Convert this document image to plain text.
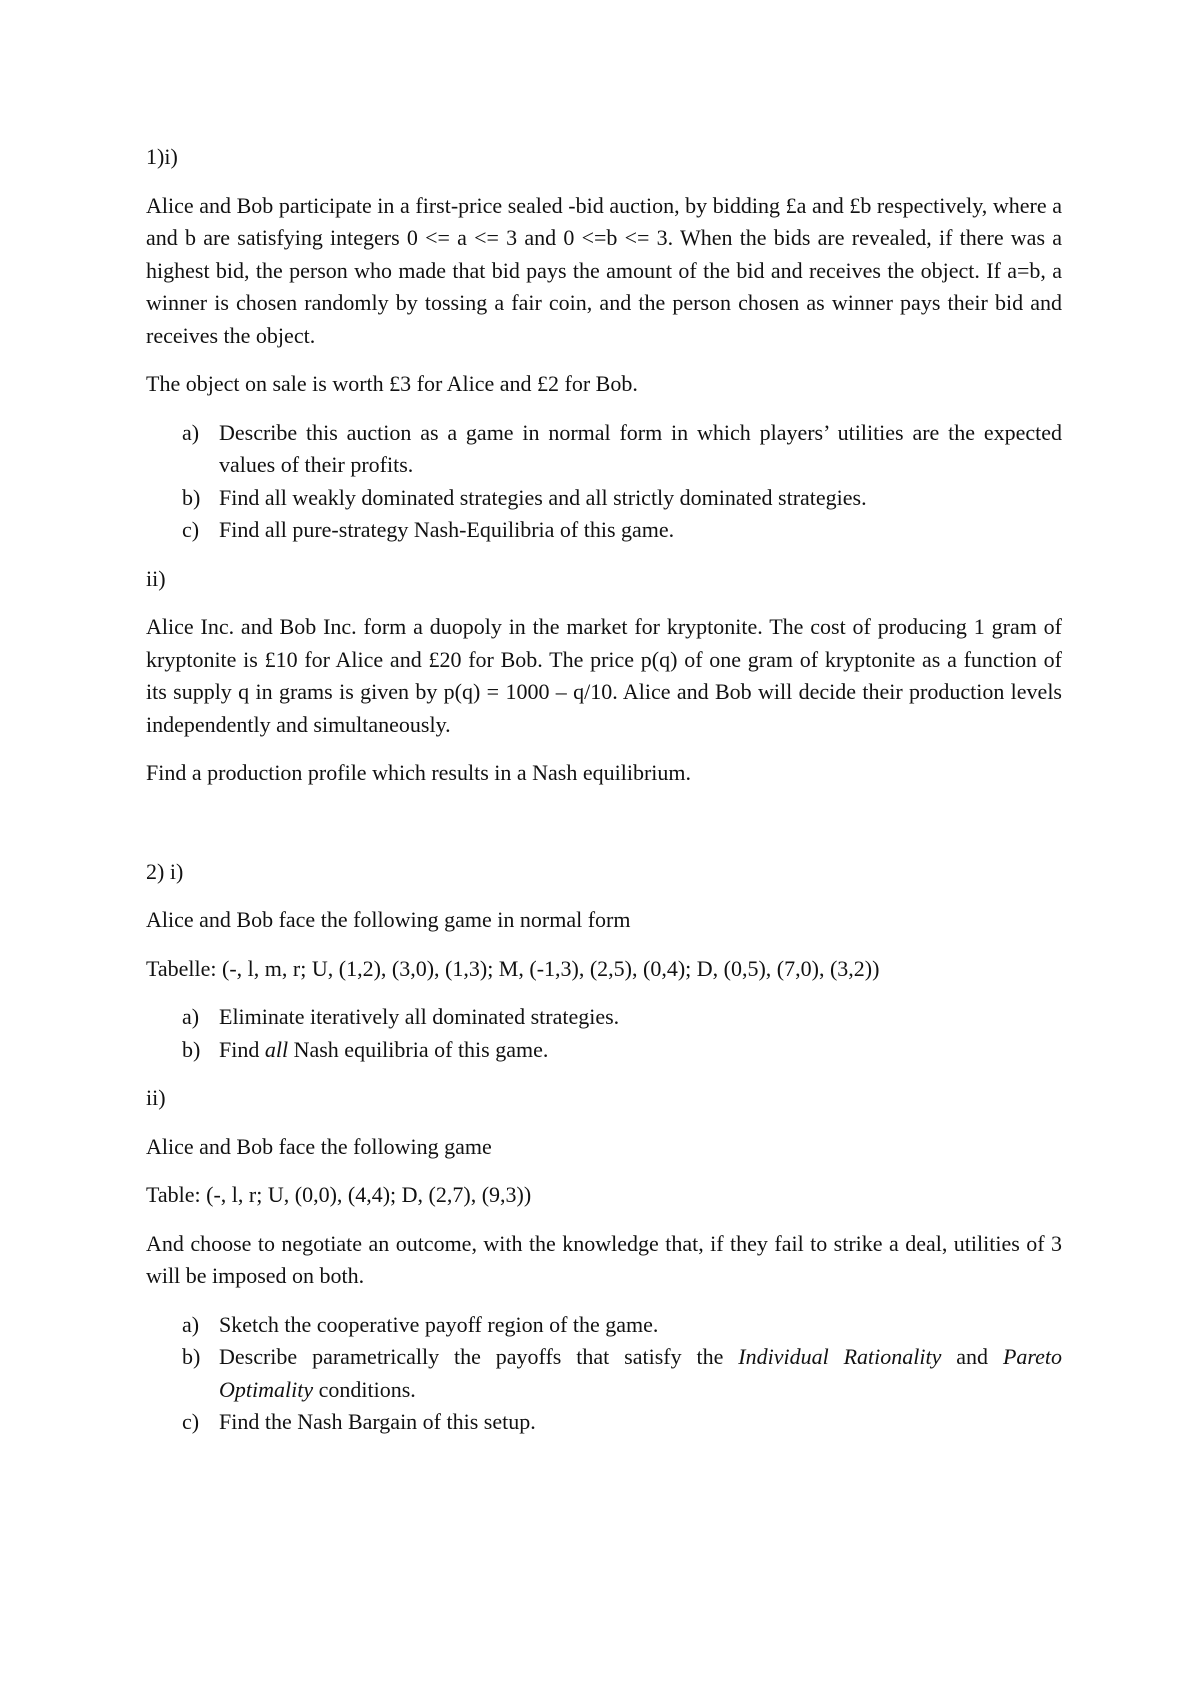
1)i)

Alice and Bob participate in a first-price sealed -bid auction, by bidding £a and £b respectively, where a and b are satisfying integers 0 <= a <= 3 and 0 <=b <= 3. When the bids are revealed, if there was a highest bid, the person who made that bid pays the amount of the bid and receives the object. If a=b, a winner is chosen randomly by tossing a fair coin, and the person chosen as winner pays their bid and receives the object.

The object on sale is worth £3 for Alice and £2 for Bob.

a) Describe this auction as a game in normal form in which players’ utilities are the expected values of their profits.
b) Find all weakly dominated strategies and all strictly dominated strategies.
c) Find all pure-strategy Nash-Equilibria of this game.

ii)

Alice Inc. and Bob Inc. form a duopoly in the market for kryptonite. The cost of producing 1 gram of kryptonite is £10 for Alice and £20 for Bob. The price p(q) of one gram of kryptonite as a function of its supply q in grams is given by p(q) = 1000 – q/10. Alice and Bob will decide their production levels independently and simultaneously.

Find a production profile which results in a Nash equilibrium.

2) i)

Alice and Bob face the following game in normal form

Tabelle: (-, l, m, r; U, (1,2), (3,0), (1,3); M, (-1,3), (2,5), (0,4); D, (0,5), (7,0), (3,2))

a) Eliminate iteratively all dominated strategies.
b) Find all Nash equilibria of this game.

ii)

Alice and Bob face the following game

Table: (-, l, r; U, (0,0), (4,4); D, (2,7), (9,3))

And choose to negotiate an outcome, with the knowledge that, if they fail to strike a deal, utilities of 3 will be imposed on both.

a) Sketch the cooperative payoff region of the game.
b) Describe parametrically the payoffs that satisfy the Individual Rationality and Pareto Optimality conditions.
c) Find the Nash Bargain of this setup.
